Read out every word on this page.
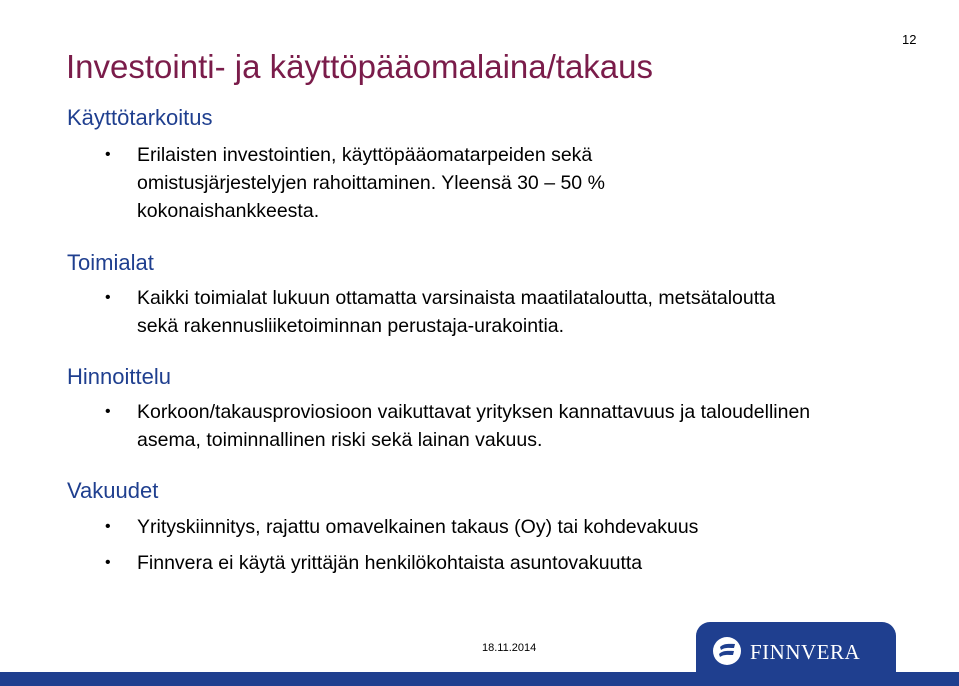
Investointi- ja käyttöpääomalaina/takaus
12
Käyttötarkoitus
• Erilaisten investointien, käyttöpääomatarpeiden sekä omistusjärjestelyjen rahoittaminen. Yleensä 30 – 50 % kokonaishankkeesta.
Toimialat
• Kaikki toimialat lukuun ottamatta varsinaista maatilataloutta, metsätaloutta sekä rakennusliiketoiminnan perustaja-urakointia.
Hinnoittelu
• Korkoon/takausproviosioon vaikuttavat yrityksen kannattavuus ja taloudellinen asema, toiminnallinen riski sekä lainan vakuus.
Vakuudet
• Yrityskiinnitys, rajattu omavelkainen takaus (Oy) tai kohdevakuus
• Finnvera ei käytä yrittäjän henkilökohtaista asuntovakuutta
18.11.2014	FINNVERA
